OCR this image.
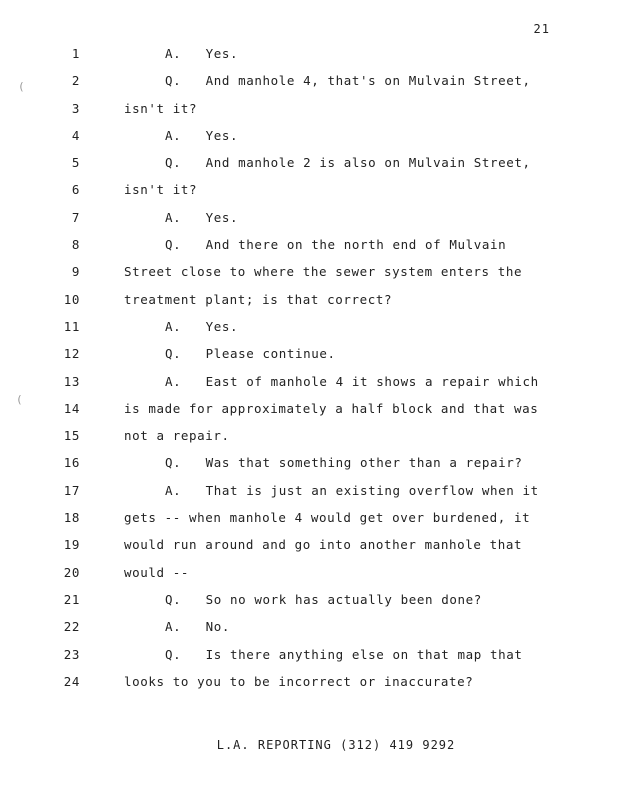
21
1	A.   Yes.
2	Q.   And manhole 4, that's on Mulvain Street,
3	isn't it?
4	A.   Yes.
5	Q.   And manhole 2 is also on Mulvain Street,
6	isn't it?
7	A.   Yes.
8	Q.   And there on the north end of Mulvain
9	Street close to where the sewer system enters the
10	treatment plant; is that correct?
11	A.   Yes.
12	Q.   Please continue.
13	A.   East of manhole 4 it shows a repair which
14	is made for approximately a half block and that was
15	not a repair.
16	Q.   Was that something other than a repair?
17	A.   That is just an existing overflow when it
18	gets -- when manhole 4 would get over burdened, it
19	would run around and go into another manhole that
20	would --
21	Q.   So no work has actually been done?
22	A.   No.
23	Q.   Is there anything else on that map that
24	looks to you to be incorrect or inaccurate?
(
(
L.A. REPORTING (312) 419 9292
